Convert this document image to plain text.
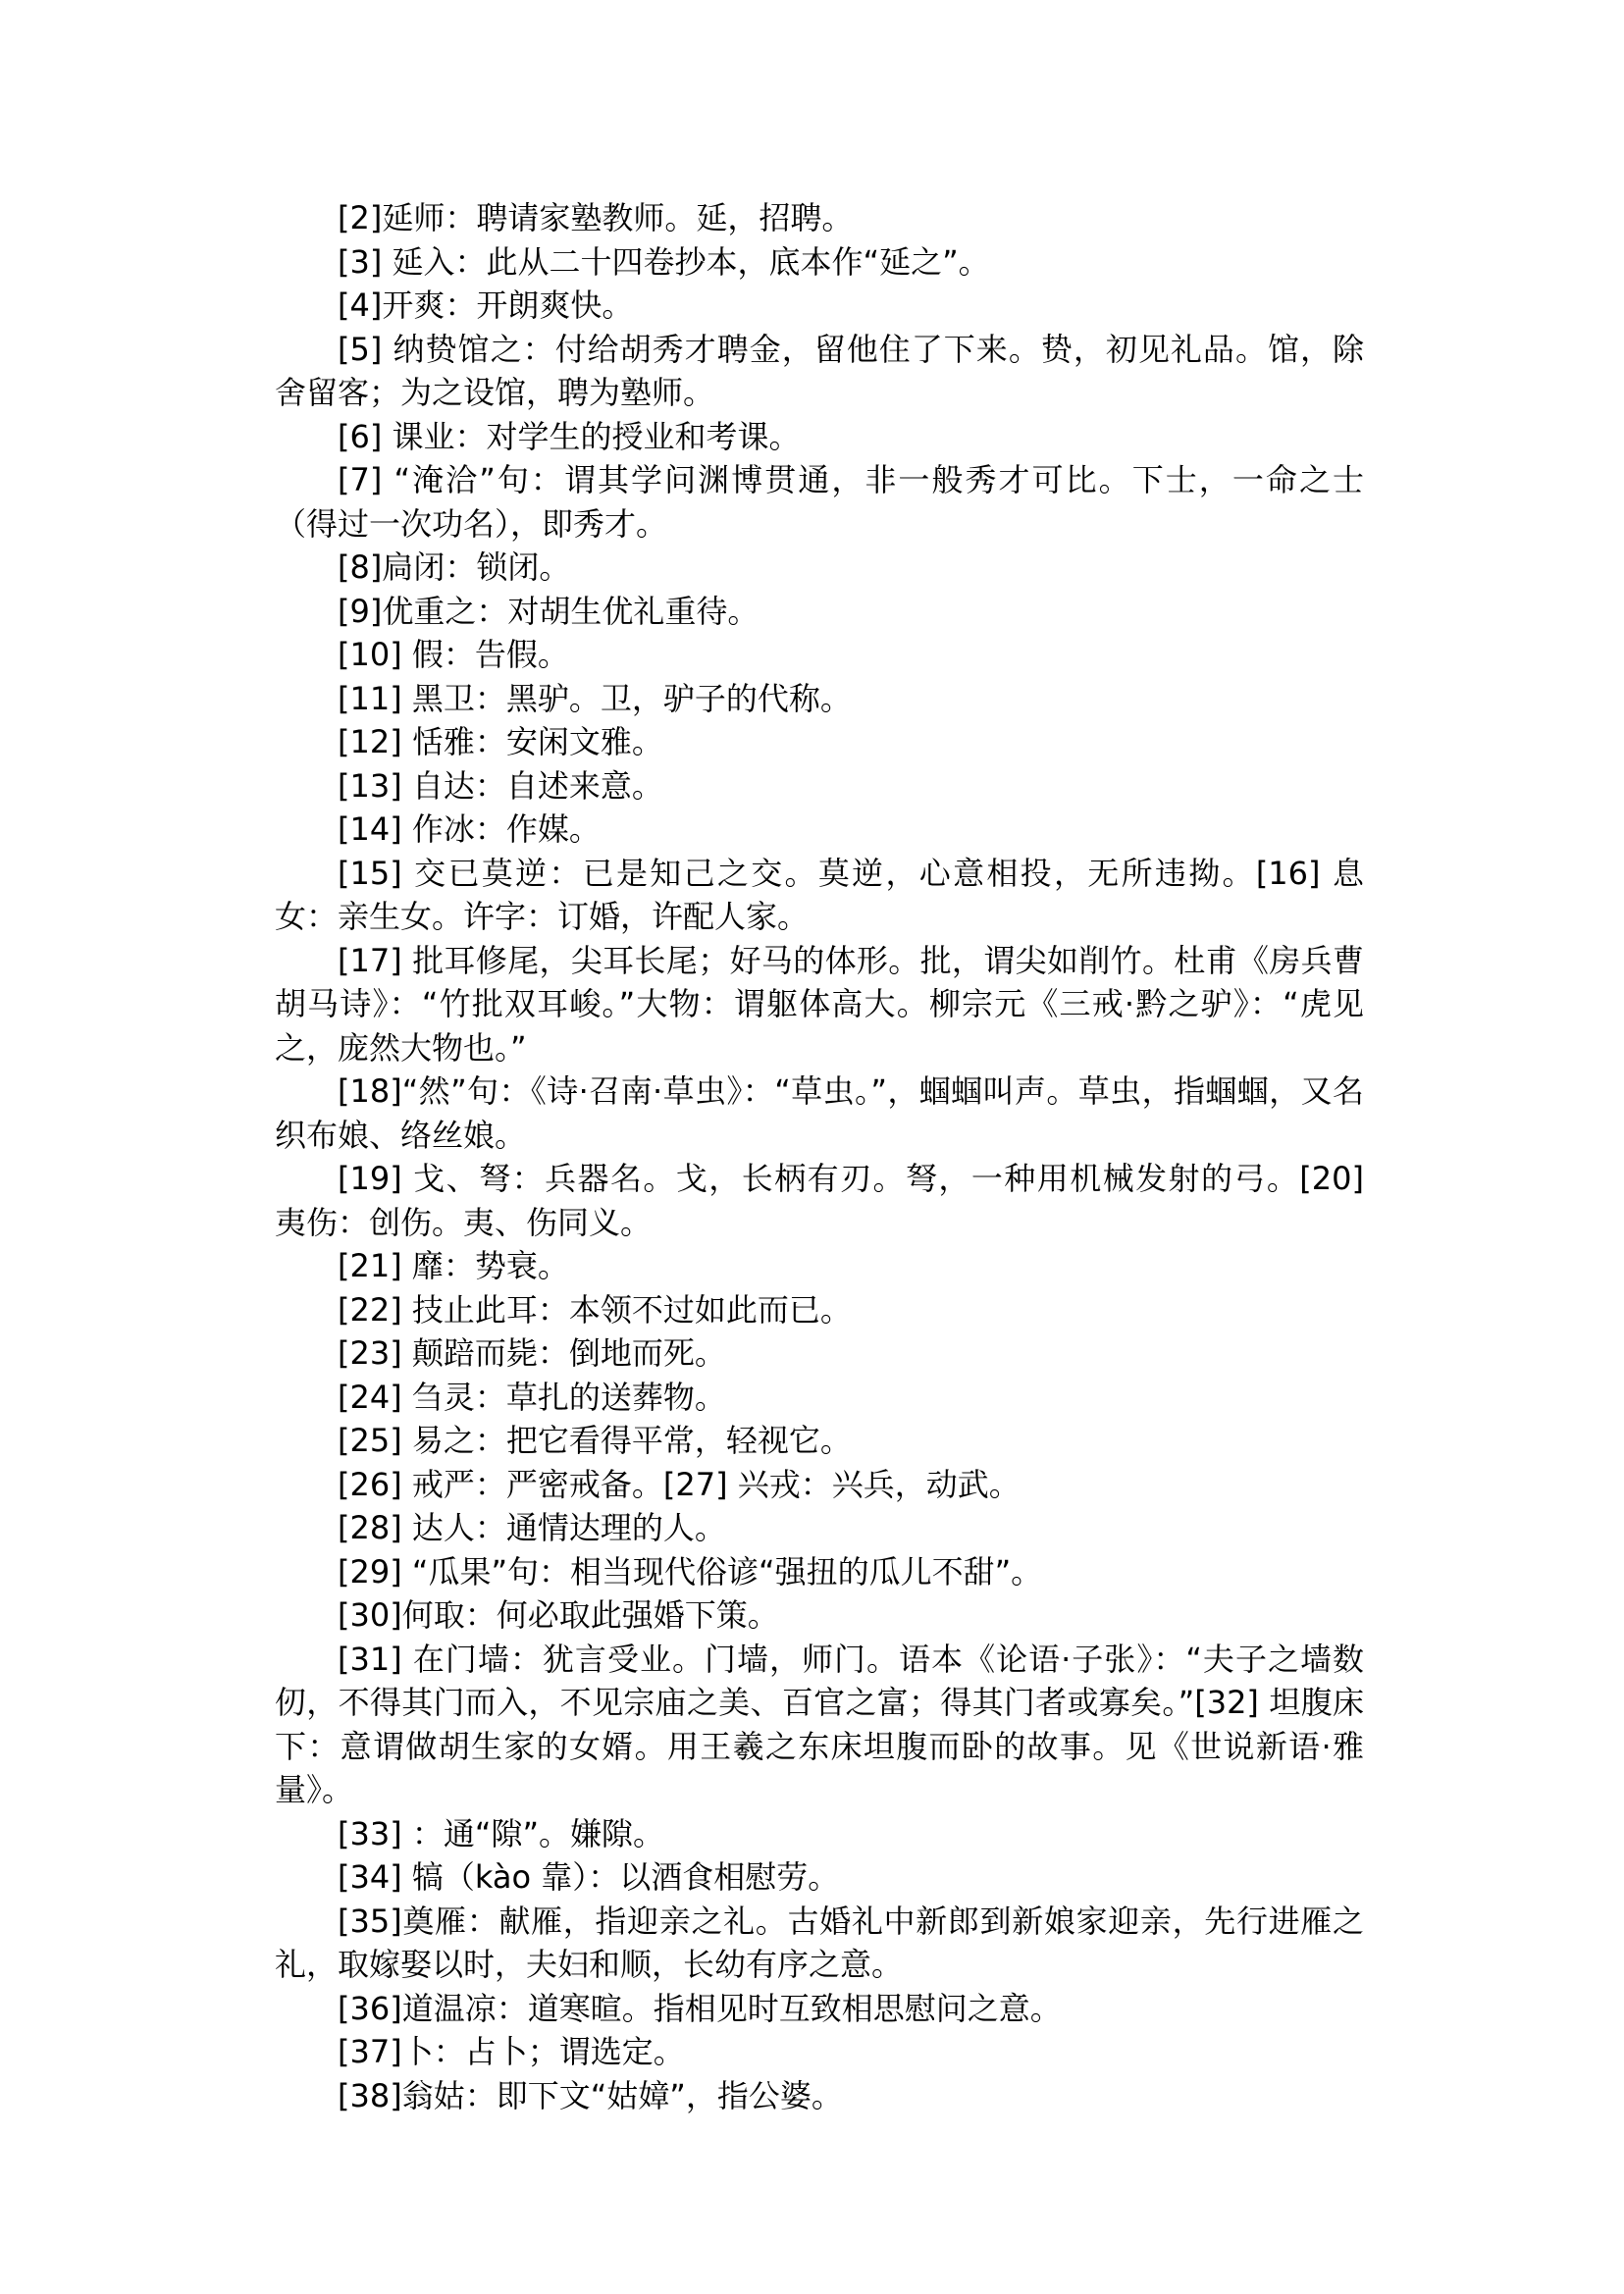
[2]延师：聘请家塾教师。延，招聘。

[3] 延入：此从二十四卷抄本，底本作“延之”。

[4]开爽：开朗爽快。

[5] 纳贽馆之：付给胡秀才聘金，留他住了下来。贽，初见礼品。馆，除舍留客；为之设馆，聘为塾师。

[6] 课业：对学生的授业和考课。

[7] “淹洽”句：谓其学问渊博贯通，非一般秀才可比。下士，一命之士（得过一次功名），即秀才。

[8]扃闭：锁闭。

[9]优重之：对胡生优礼重待。

[10] 假：告假。

[11] 黑卫：黑驴。卫，驴子的代称。

[12] 恬雅：安闲文雅。

[13] 自达：自述来意。

[14] 作冰：作媒。

[15] 交已莫逆：已是知己之交。莫逆，心意相投，无所违拗。[16] 息女：亲生女。许字：订婚，许配人家。

[17] 批耳修尾，尖耳长尾；好马的体形。批，谓尖如削竹。杜甫《房兵曹胡马诗》：“竹批双耳峻。”大物：谓躯体高大。柳宗元《三戒·黔之驴》：“虎见之，庞然大物也。”

[18]“然”句：《诗·召南·草虫》：“草虫。”，蝈蝈叫声。草虫，指蝈蝈，又名织布娘、络丝娘。

[19] 戈、弩：兵器名。戈，长柄有刃。弩，一种用机械发射的弓。[20] 夷伤：创伤。夷、伤同义。

[21] 靡：势衰。

[22] 技止此耳：本领不过如此而已。

[23] 颠踣而毙：倒地而死。

[24] 刍灵：草扎的送葬物。

[25] 易之：把它看得平常，轻视它。

[26] 戒严：严密戒备。[27] 兴戎：兴兵，动武。

[28] 达人：通情达理的人。

[29] “瓜果”句：相当现代俗谚“强扭的瓜儿不甜”。

[30]何取：何必取此强婚下策。

[31] 在门墙：犹言受业。门墙，师门。语本《论语·子张》：“夫子之墙数仞，不得其门而入，不见宗庙之美、百官之富；得其门者或寡矣。”[32] 坦腹床下：意谓做胡生家的女婿。用王羲之东床坦腹而卧的故事。见《世说新语·雅量》。

[33] ：通“隙”。嫌隙。

[34] 犒（kào 靠）：以酒食相慰劳。

[35]奠雁：献雁，指迎亲之礼。古婚礼中新郎到新娘家迎亲，先行进雁之礼，取嫁娶以时，夫妇和顺，长幼有序之意。

[36]道温凉：道寒暄。指相见时互致相思慰问之意。

[37]卜：占卜；谓选定。

[38]翁姑：即下文“姑嫜”，指公婆。
